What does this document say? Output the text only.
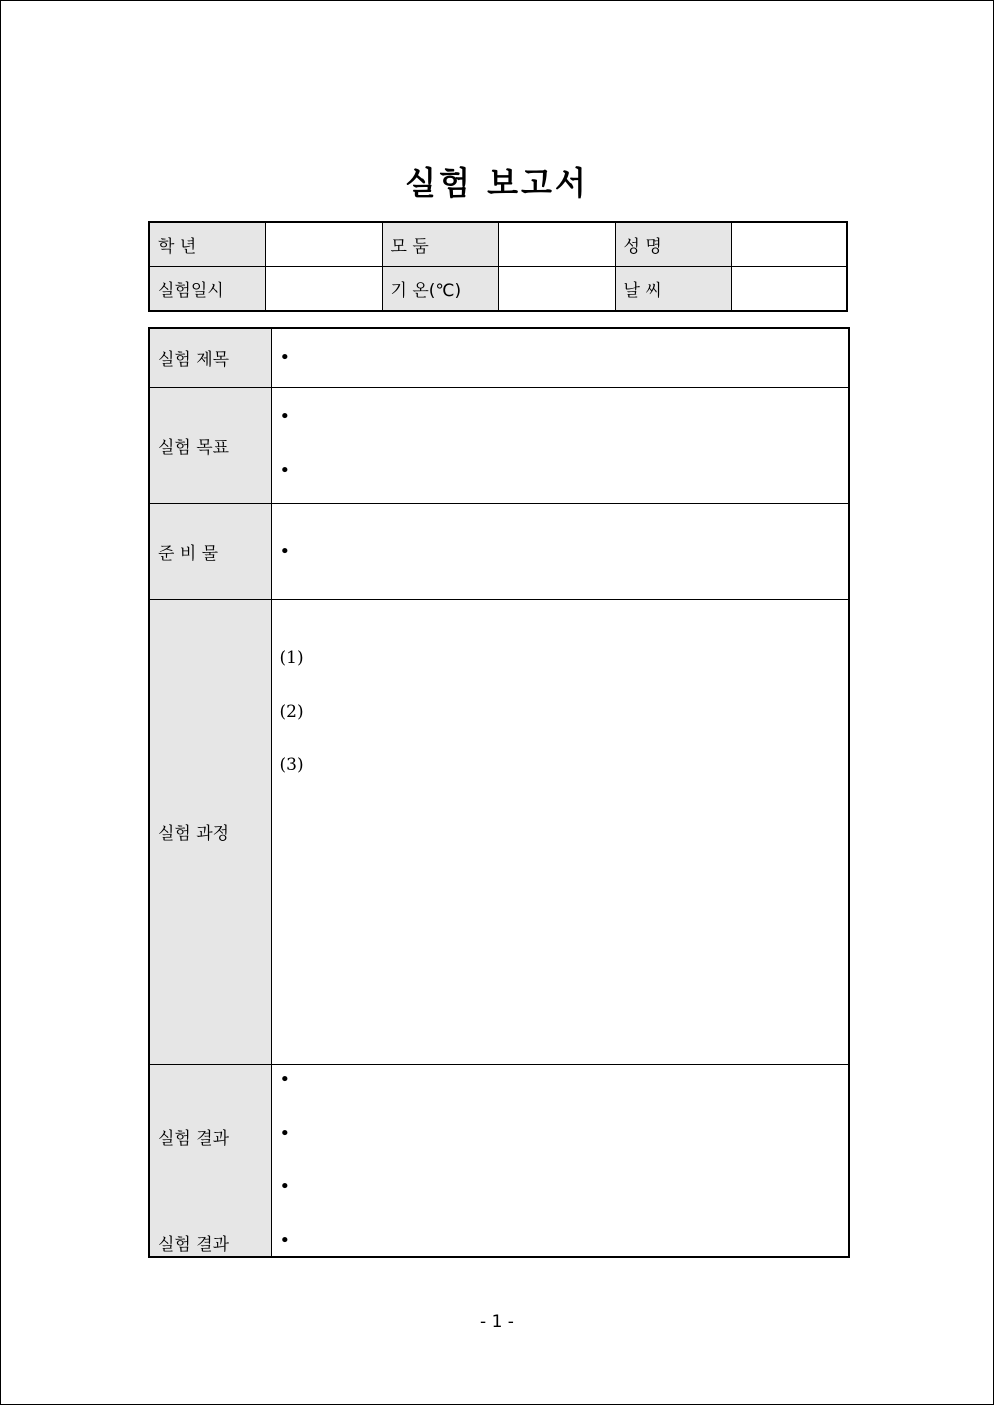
실험 보고서
학 년		모 둠		성 명	
실험일시		기 온(℃)		날 씨	
실험 제목	•

실험 목표	•
•

준 비 물	•

실험 과정	(1)
(2)
(3)

실험 결과
실험 결과	•
•
•
•
- 1 -
